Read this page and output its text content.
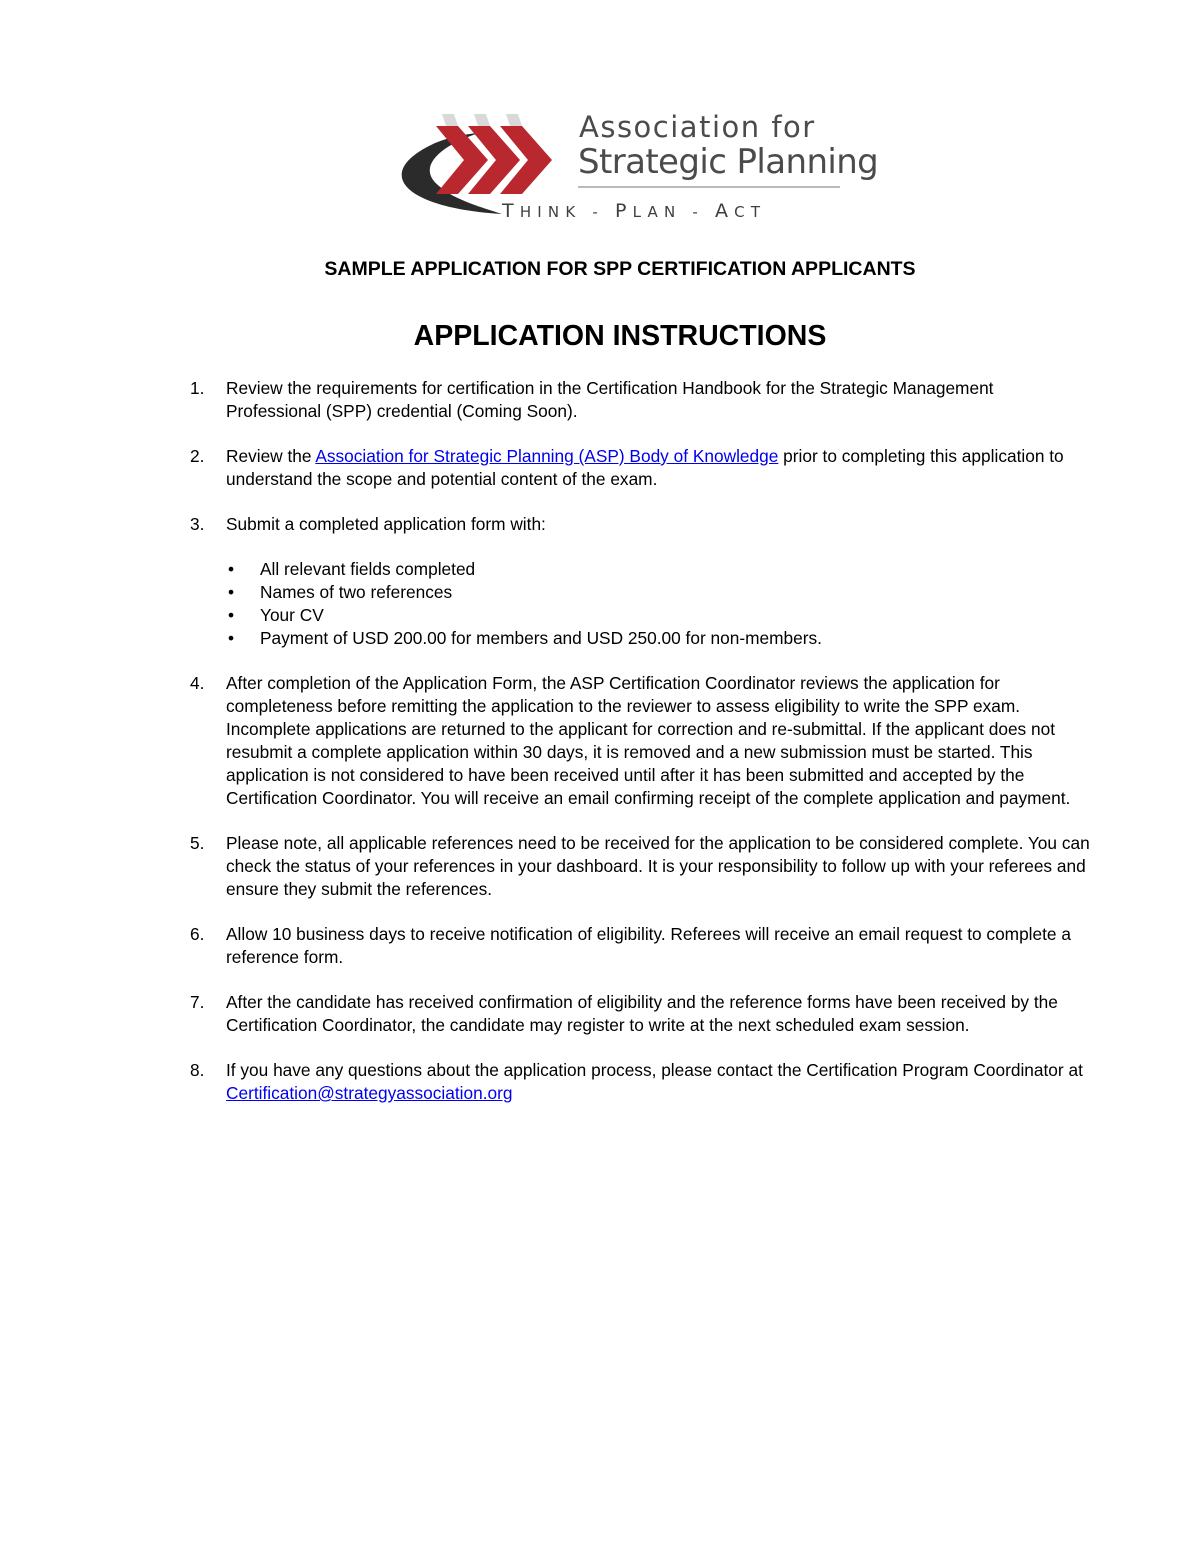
Association for
Strategic Planning
THINK - PLAN - ACT
SAMPLE APPLICATION FOR SPP CERTIFICATION APPLICANTS
APPLICATION INSTRUCTIONS
1. Review the requirements for certification in the Certification Handbook for the Strategic Management Professional (SPP) credential (Coming Soon).
2. Review the Association for Strategic Planning (ASP) Body of Knowledge prior to completing this application to understand the scope and potential content of the exam.
3. Submit a completed application form with:
• All relevant fields completed
• Names of two references
• Your CV
• Payment of USD 200.00 for members and USD 250.00 for non-members.
4. After completion of the Application Form, the ASP Certification Coordinator reviews the application for completeness before remitting the application to the reviewer to assess eligibility to write the SPP exam. Incomplete applications are returned to the applicant for correction and re-submittal. If the applicant does not resubmit a complete application within 30 days, it is removed and a new submission must be started. This application is not considered to have been received until after it has been submitted and accepted by the Certification Coordinator. You will receive an email confirming receipt of the complete application and payment.
5. Please note, all applicable references need to be received for the application to be considered complete. You can check the status of your references in your dashboard. It is your responsibility to follow up with your referees and ensure they submit the references.
6. Allow 10 business days to receive notification of eligibility. Referees will receive an email request to complete a reference form.
7. After the candidate has received confirmation of eligibility and the reference forms have been received by the Certification Coordinator, the candidate may register to write at the next scheduled exam session.
8. If you have any questions about the application process, please contact the Certification Program Coordinator at Certification@strategyassociation.org
